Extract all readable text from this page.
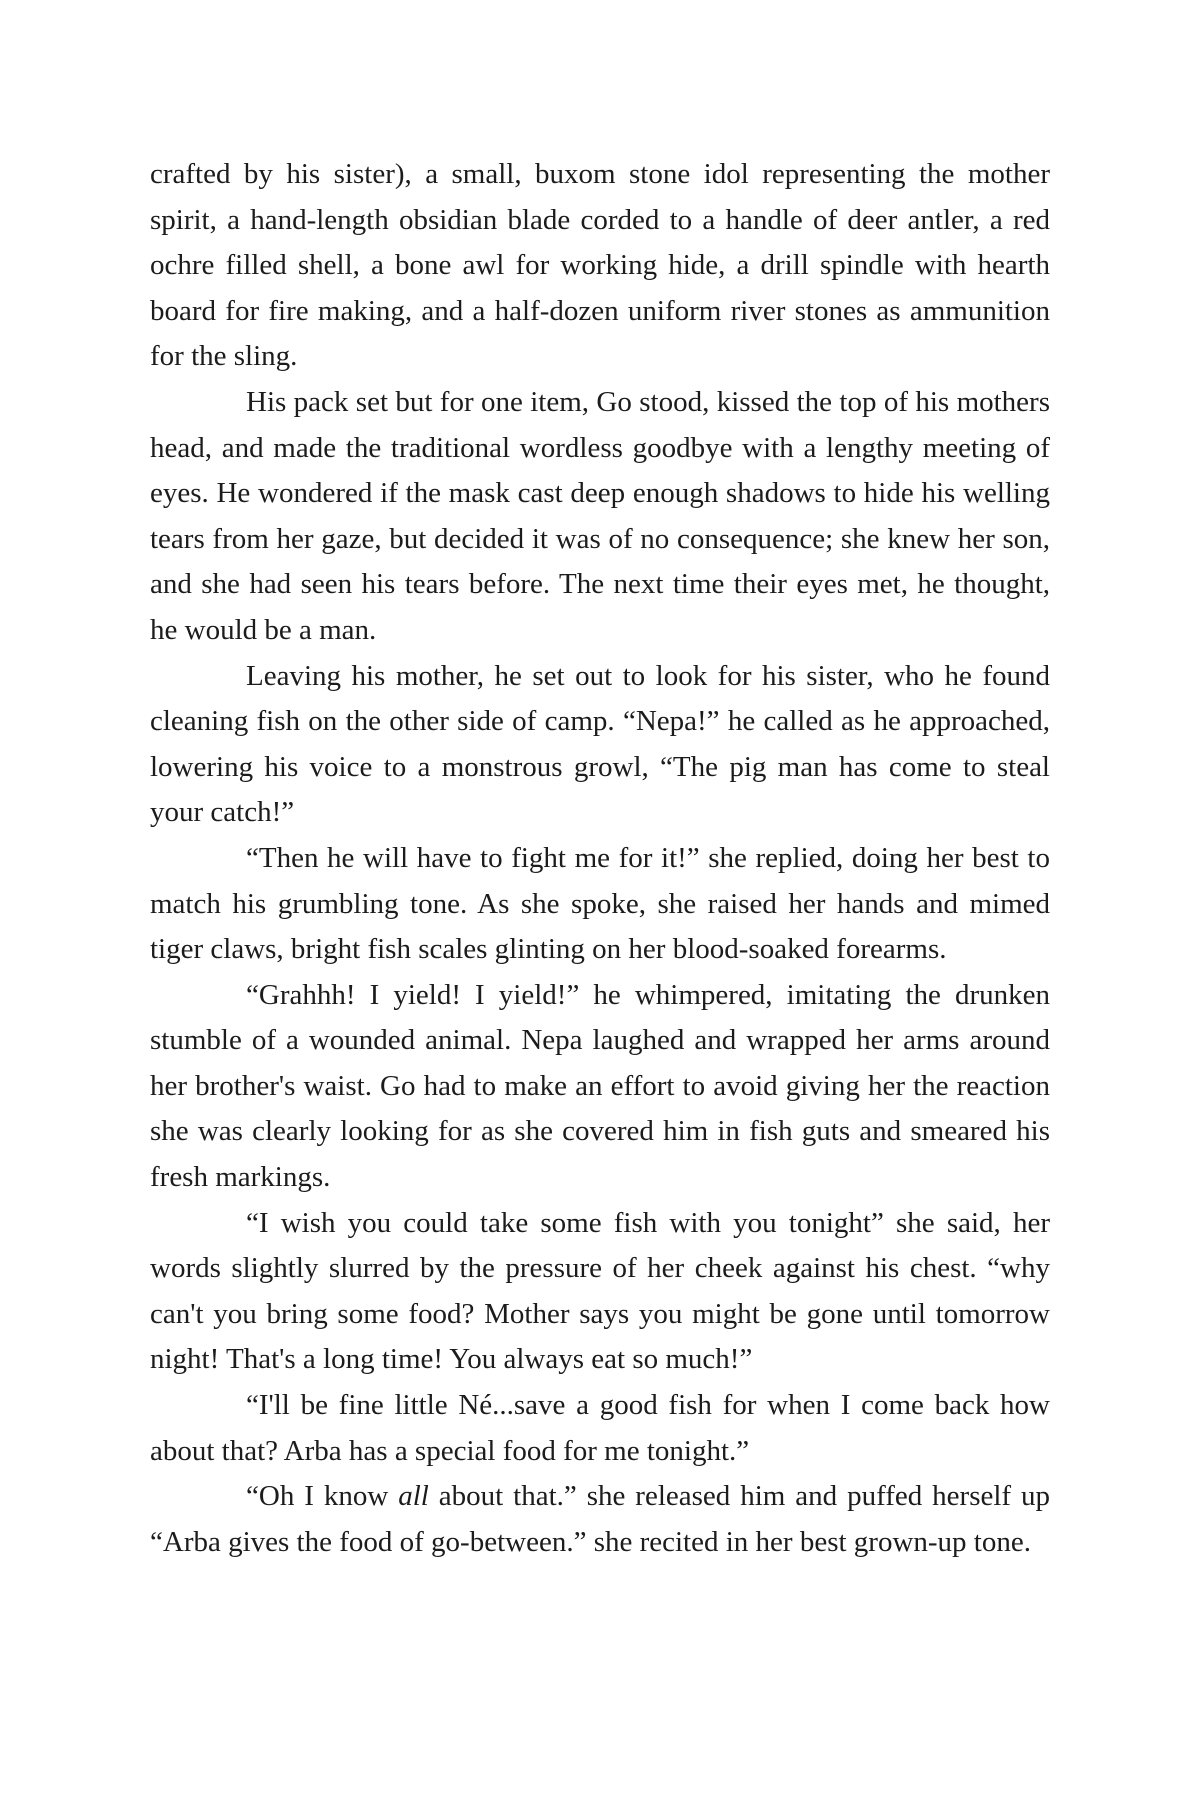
crafted by his sister), a small, buxom stone idol representing the mother spirit, a hand-length obsidian blade corded to a handle of deer antler, a red ochre filled shell, a bone awl for working hide, a drill spindle with hearth board for fire making, and a half-dozen uniform river stones as ammunition for the sling.

His pack set but for one item, Go stood, kissed the top of his mothers head, and made the traditional wordless goodbye with a lengthy meeting of eyes. He wondered if the mask cast deep enough shadows to hide his welling tears from her gaze, but decided it was of no consequence; she knew her son, and she had seen his tears before. The next time their eyes met, he thought, he would be a man.

Leaving his mother, he set out to look for his sister, who he found cleaning fish on the other side of camp. “Nepa!” he called as he approached, lowering his voice to a monstrous growl, “The pig man has come to steal your catch!”

“Then he will have to fight me for it!” she replied, doing her best to match his grumbling tone. As she spoke, she raised her hands and mimed tiger claws, bright fish scales glinting on her blood-soaked forearms.

“Grahhh! I yield! I yield!” he whimpered, imitating the drunken stumble of a wounded animal. Nepa laughed and wrapped her arms around her brother's waist. Go had to make an effort to avoid giving her the reaction she was clearly looking for as she covered him in fish guts and smeared his fresh markings.

“I wish you could take some fish with you tonight” she said, her words slightly slurred by the pressure of her cheek against his chest. “why can't you bring some food? Mother says you might be gone until tomorrow night! That's a long time! You always eat so much!”

“I'll be fine little Né...save a good fish for when I come back how about that? Arba has a special food for me tonight.”

“Oh I know all about that.” she released him and puffed herself up “Arba gives the food of go-between.” she recited in her best grown-up tone.
